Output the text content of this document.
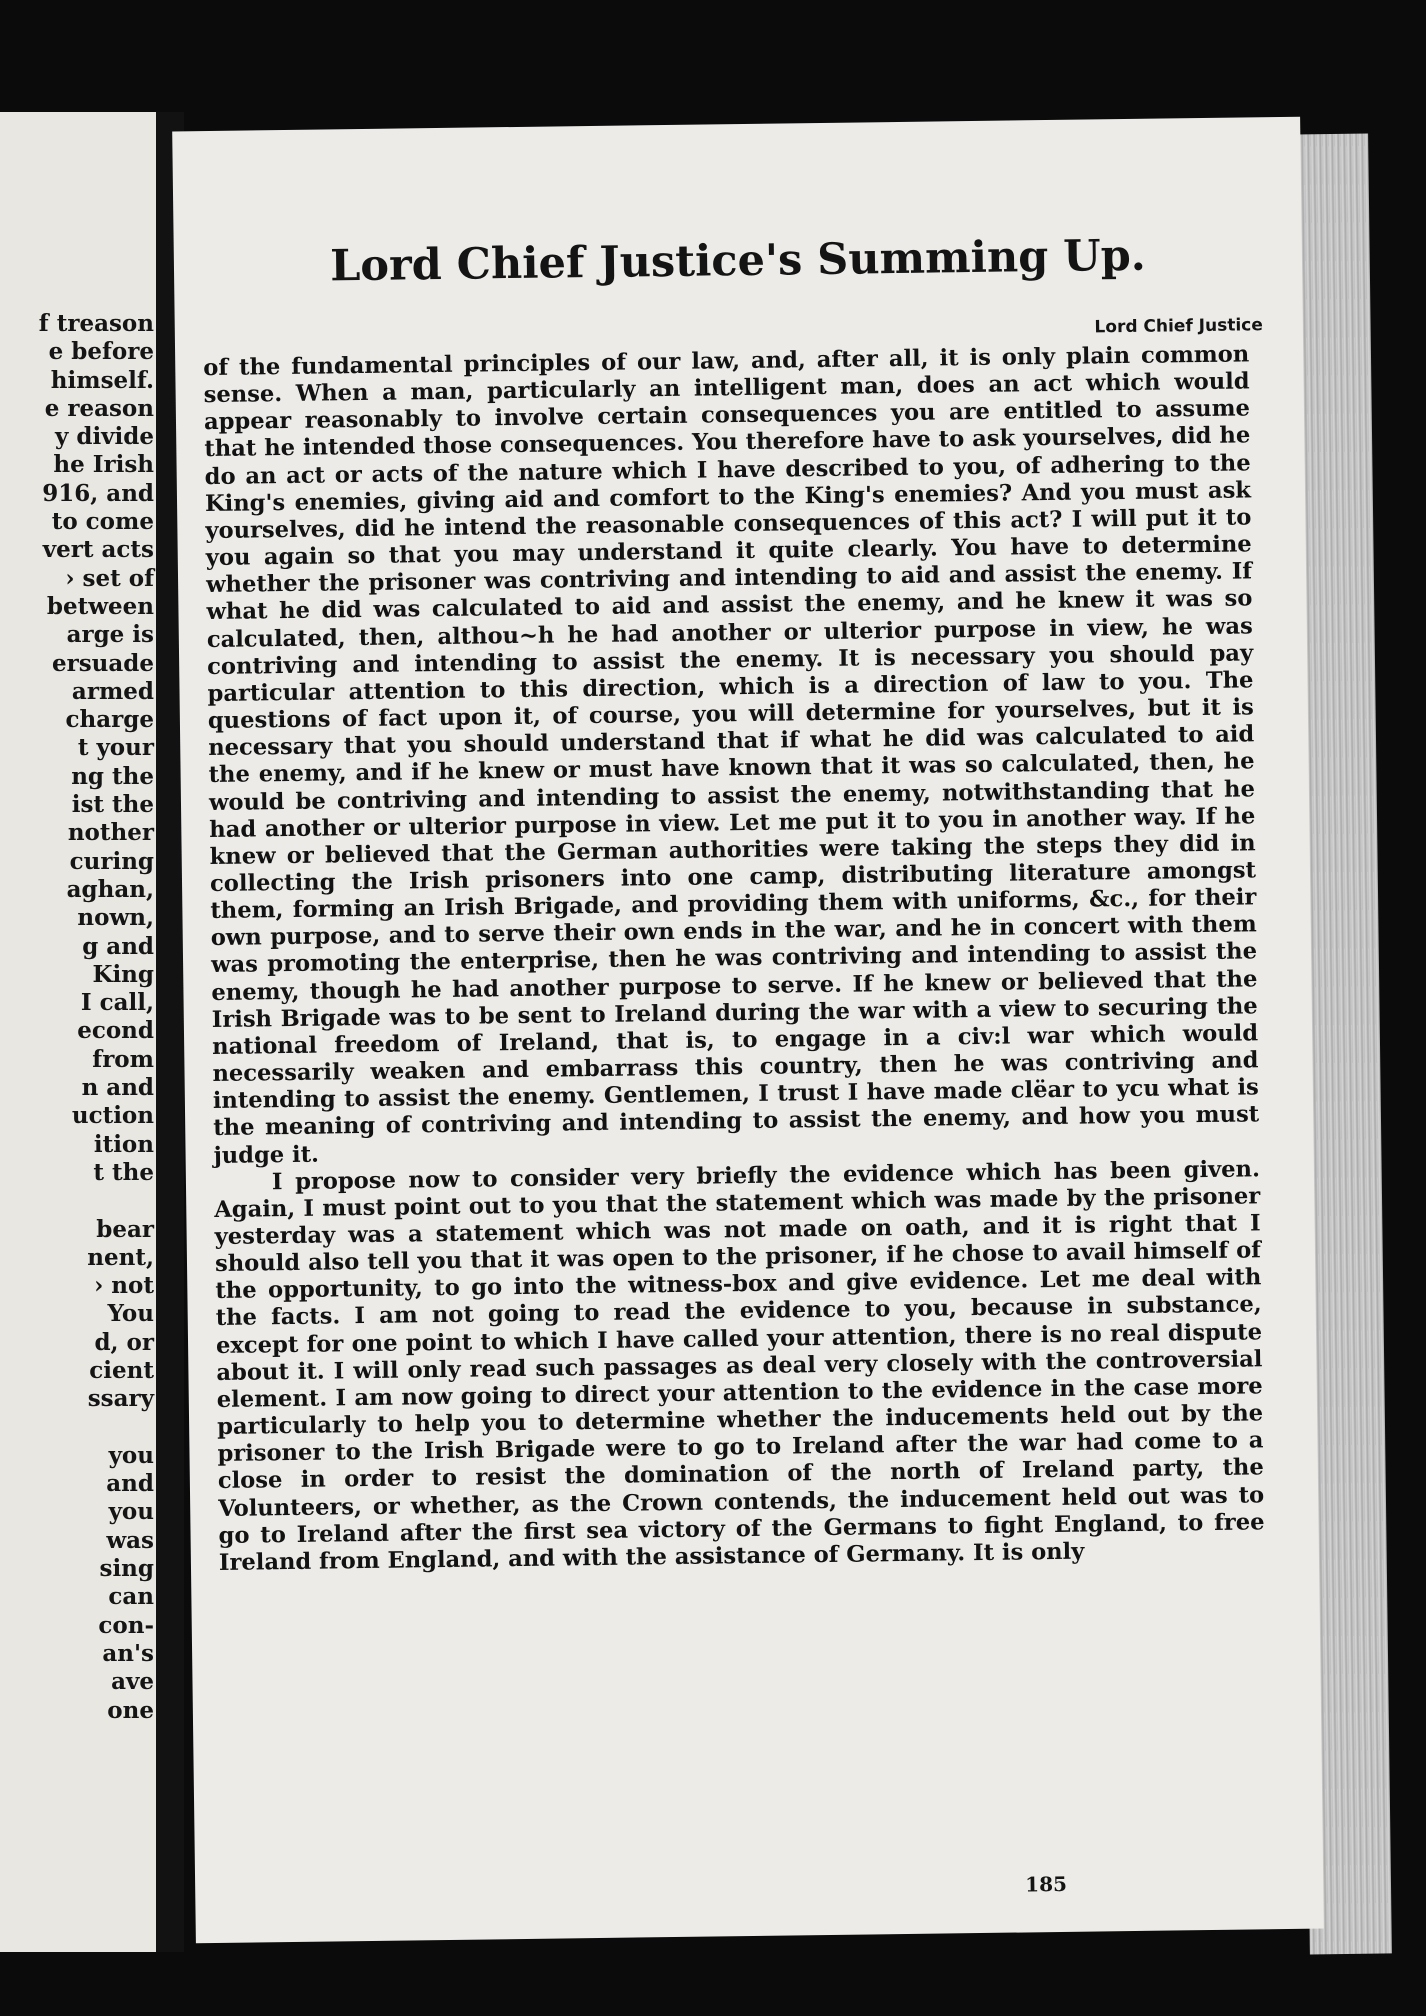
f treason
e before
himself.
e reason
y divide
he Irish
916, and
to come
vert acts
› set of
between
arge is
ersuade
armed
charge
t your
ng the
ist the
nother
curing
aghan,
nown,
g and
King
I call,
econd
from
n and
uction
ition
t the

bear
nent,
› not
You
d, or
cient
ssary

you
and
you
was
sing
can
con-
an's
ave
one
Lord Chief Justice's Summing Up.
Lord Chief Justice

of the fundamental principles of our law, and, after all, it is only plain common sense. When a man, particularly an intelligent man, does an act which would appear reasonably to involve certain consequences you are entitled to assume that he intended those consequences. You therefore have to ask yourselves, did he do an act or acts of the nature which I have described to you, of adhering to the King's enemies, giving aid and comfort to the King's enemies? And you must ask yourselves, did he intend the reasonable consequences of this act? I will put it to you again so that you may understand it quite clearly. You have to determine whether the prisoner was contriving and intending to aid and assist the enemy. If what he did was calculated to aid and assist the enemy, and he knew it was so calculated, then, althou~h he had another or ulterior purpose in view, he was contriving and intending to assist the enemy. It is necessary you should pay particular attention to this direction, which is a direction of law to you. The questions of fact upon it, of course, you will determine for yourselves, but it is necessary that you should understand that if what he did was calculated to aid the enemy, and if he knew or must have known that it was so calculated, then, he would be contriving and intending to assist the enemy, notwithstanding that he had another or ulterior purpose in view. Let me put it to you in another way. If he knew or believed that the German authorities were taking the steps they did in collecting the Irish prisoners into one camp, distributing literature amongst them, forming an Irish Brigade, and providing them with uniforms, &c., for their own purpose, and to serve their own ends in the war, and he in concert with them was promoting the enterprise, then he was contriving and intending to assist the enemy, though he had another purpose to serve. If he knew or believed that the Irish Brigade was to be sent to Ireland during the war with a view to securing the national freedom of Ireland, that is, to engage in a civ:l war which would necessarily weaken and embarrass this country, then he was contriving and intending to assist the enemy. Gentlemen, I trust I have made clëar to ycu what is the meaning of contriving and intending to assist the enemy, and how you must judge it.

I propose now to consider very briefly the evidence which has been given. Again, I must point out to you that the statement which was made by the prisoner yesterday was a statement which was not made on oath, and it is right that I should also tell you that it was open to the prisoner, if he chose to avail himself of the opportunity, to go into the witness-box and give evidence. Let me deal with the facts. I am not going to read the evidence to you, because in substance, except for one point to which I have called your attention, there is no real dispute about it. I will only read such passages as deal very closely with the controversial element. I am now going to direct your attention to the evidence in the case more particularly to help you to determine whether the inducements held out by the prisoner to the Irish Brigade were to go to Ireland after the war had come to a close in order to resist the domination of the north of Ireland party, the Volunteers, or whether, as the Crown contends, the inducement held out was to go to Ireland after the first sea victory of the Germans to fight England, to free Ireland from England, and with the assistance of Germany. It is only

185
